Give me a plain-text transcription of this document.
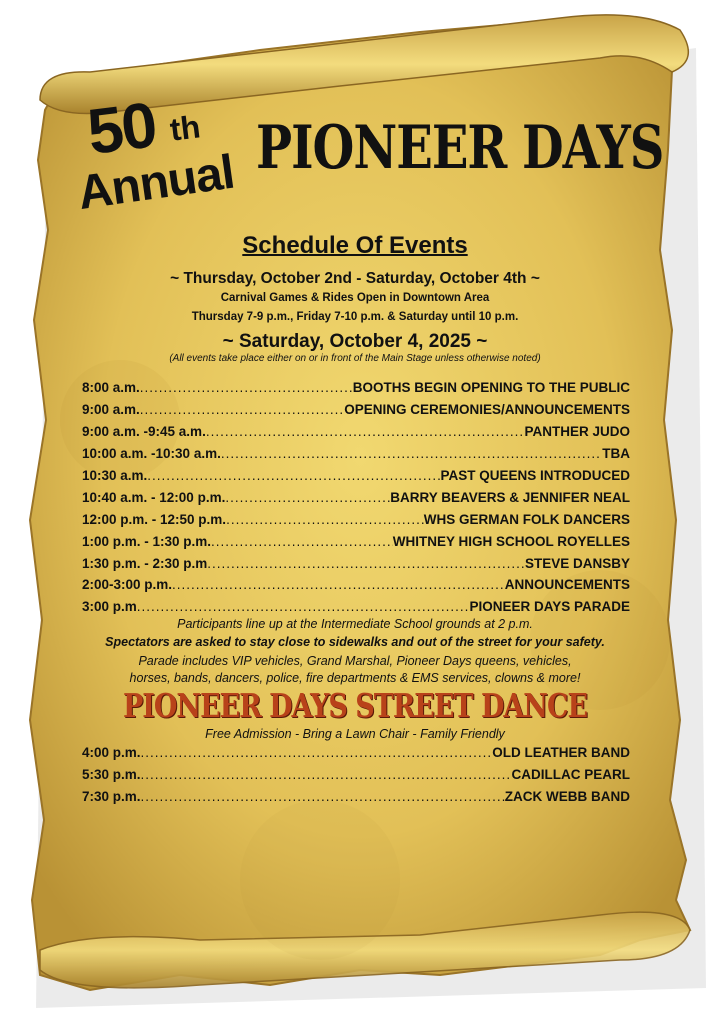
50 th
Annual PIONEER DAYS
Schedule Of Events
~ Thursday, October 2nd - Saturday, October 4th ~
Carnival Games & Rides Open in Downtown Area
Thursday 7-9 p.m., Friday 7-10 p.m. & Saturday until 10 p.m.
~ Saturday, October 4, 2025 ~
(All events take place either on or in front of the Main Stage unless otherwise noted)
8:00 a.m. .....	BOOTHS BEGIN OPENING TO THE PUBLIC
9:00 a.m. .....	OPENING CEREMONIES/ANNOUNCEMENTS
9:00 a.m. -9:45 a.m. .....	PANTHER JUDO
10:00 a.m. -10:30 a.m. .....	TBA
10:30 a.m. .....	PAST QUEENS INTRODUCED
10:40 a.m. - 12:00 p.m. .....	BARRY BEAVERS & JENNIFER NEAL
12:00 p.m. - 12:50 p.m. .....	WHS GERMAN FOLK DANCERS
1:00 p.m. - 1:30 p.m. .....	WHITNEY HIGH SCHOOL ROYELLES
1:30 p.m. - 2:30 p.m .....	STEVE DANSBY
2:00-3:00 p.m. .....	ANNOUNCEMENTS
3:00 p.m .....	PIONEER DAYS PARADE
Participants line up at the Intermediate School grounds at 2 p.m.
Spectators are asked to stay close to sidewalks and out of the street for your safety.
Parade includes VIP vehicles, Grand Marshal, Pioneer Days queens, vehicles,
horses, bands, dancers, police, fire departments & EMS services, clowns & more!
PIONEER DAYS STREET DANCE
Free Admission - Bring a Lawn Chair - Family Friendly
4:00 p.m. .....	OLD LEATHER BAND
5:30 p.m. .....	CADILLAC PEARL
7:30 p.m. .....	ZACK WEBB BAND
